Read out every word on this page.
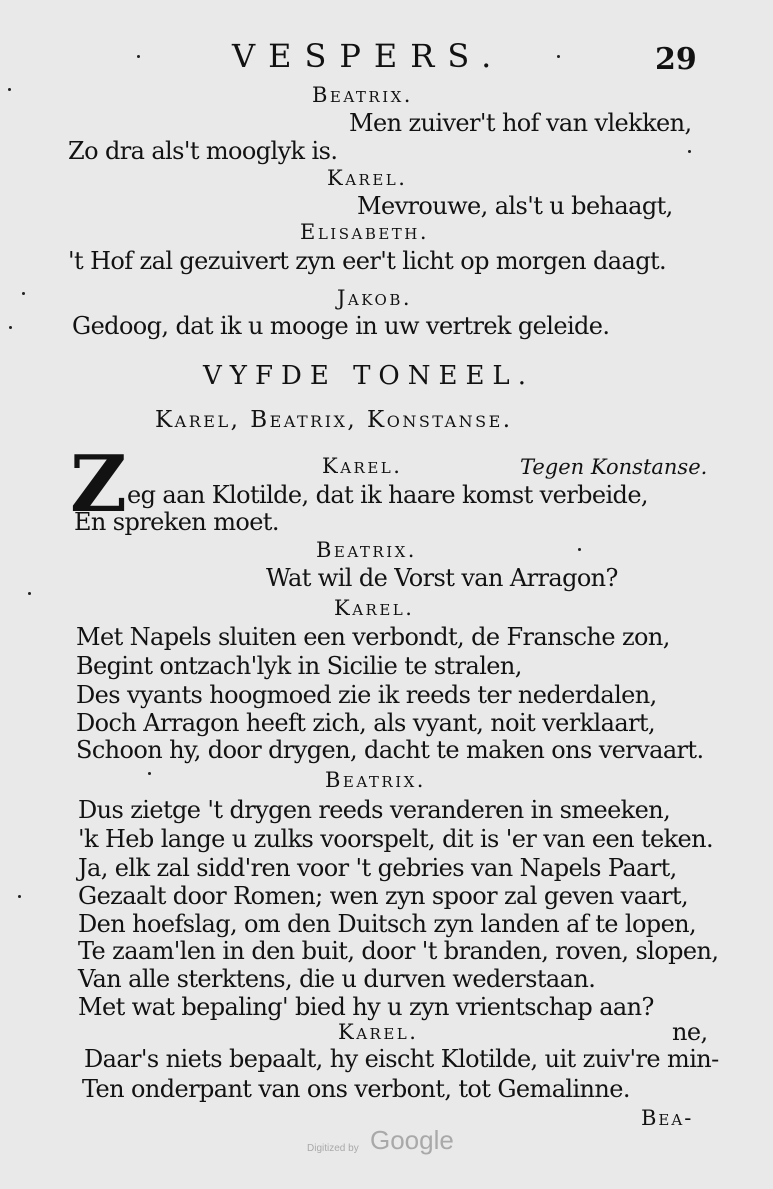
VESPERS.	29
Beatrix.
Men zuiver't hof van vlekken,
Zo dra als't mooglyk is.
Karel.
Mevrouwe, als't u behaagt,
Elisabeth.
't Hof zal gezuivert zyn eer't licht op morgen daagt.
Jakob.
Gedoog, dat ik u mooge in uw vertrek geleide.
VYFDE TONEEL.
Karel, Beatrix, Konstanse.
Z	Karel.	Tegen Konstanse.
eg aan Klotilde, dat ik haare komst verbeide,
En spreken moet.
Beatrix.
Wat wil de Vorst van Arragon?
Karel.
Met Napels sluiten een verbondt, de Fransche zon,
Begint ontzach'lyk in Sicilie te stralen,
Des vyants hoogmoed zie ik reeds ter nederdalen,
Doch Arragon heeft zich, als vyant, noit verklaart,
Schoon hy, door drygen, dacht te maken ons vervaart.
Beatrix.
Dus zietge 't drygen reeds veranderen in smeeken,
'k Heb lange u zulks voorspelt, dit is 'er van een teken.
Ja, elk zal sidd'ren voor 't gebries van Napels Paart,
Gezaalt door Romen; wen zyn spoor zal geven vaart,
Den hoefslag, om den Duitsch zyn landen af te lopen,
Te zaam'len in den buit, door 't branden, roven, slopen,
Van alle sterktens, die u durven wederstaan.
Met wat bepaling' bied hy u zyn vrientschap aan?
Karel.	ne,
Daar's niets bepaalt, hy eischt Klotilde, uit zuiv're min-
Ten onderpant van ons verbont, tot Gemalinne.
Bea-
Digitized by Google
